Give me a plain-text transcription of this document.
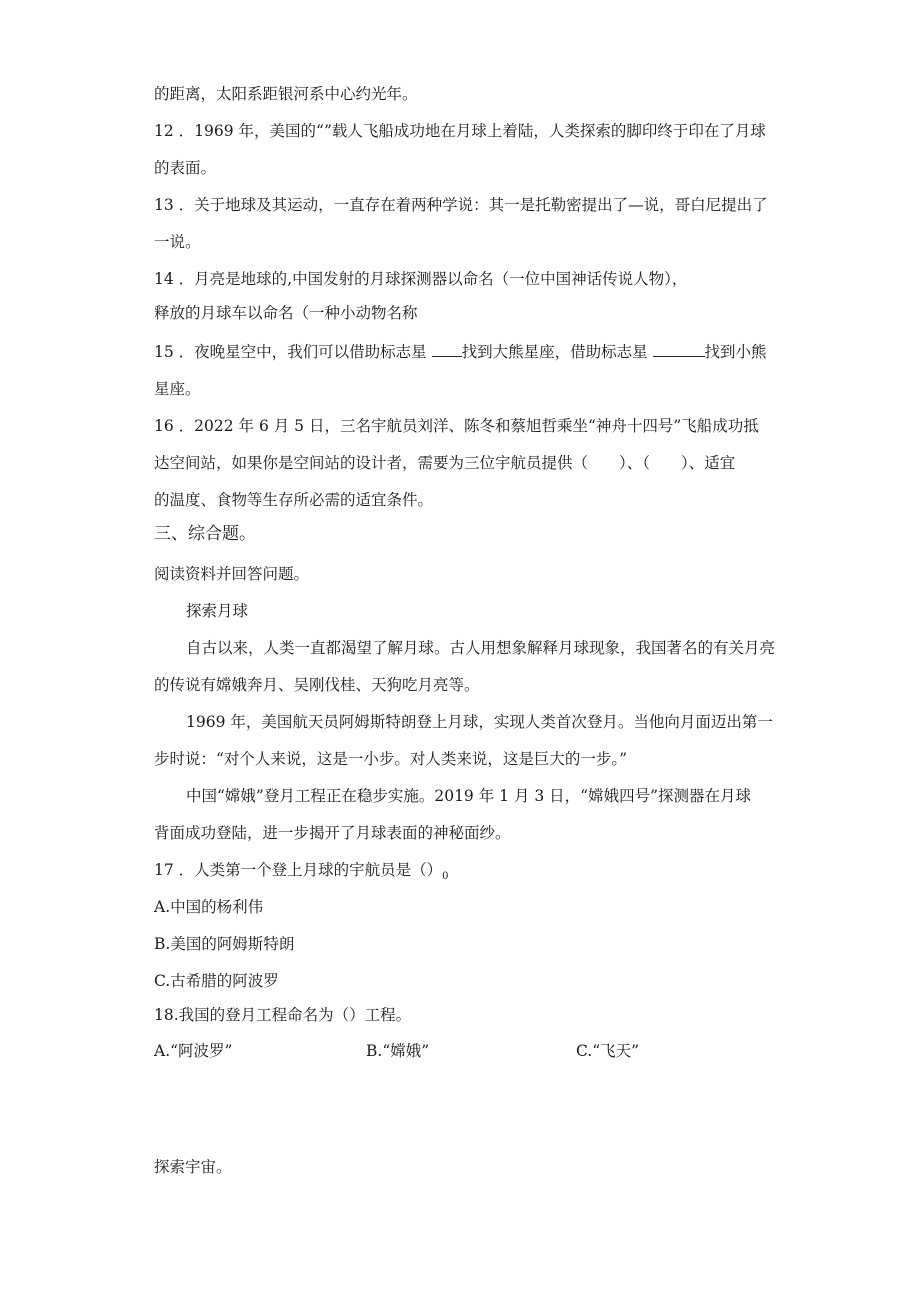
的距离，太阳系距银河系中心约光年。
12 ．1969 年，美国的“”载人飞船成功地在月球上着陆，人类探索的脚印终于印在了月球
的表面。
13 ．关于地球及其运动，一直存在着两种学说：其一是托勒密提出了—说，哥白尼提出了
一说。
14 ．月亮是地球的,中国发射的月球探测器以命名（一位中国神话传说人物），
释放的月球车以命名（一种小动物名称
15 ．夜晚星空中，我们可以借助标志星 找到大熊星座，借助标志星	找到小熊
星座。
16 ．2022 年 6 月 5 日，三名宇航员刘洋、陈冬和蔡旭哲乘坐“神舟十四号”飞船成功抵
达空间站，如果你是空间站的设计者，需要为三位宇航员提供（　　）、（　　）、适宜
的温度、食物等生存所必需的适宜条件。
三、综合题。
阅读资料并回答问题。
探索月球
自古以来，人类一直都渴望了解月球。古人用想象解释月球现象，我国著名的有关月亮
的传说有嫦娥奔月、吴刚伐桂、天狗吃月亮等。
1969 年，美国航天员阿姆斯特朗登上月球，实现人类首次登月。当他向月面迈出第一
步时说：“对个人来说，这是一小步。对人类来说，这是巨大的一步。”
中国“嫦娥”登月工程正在稳步实施。2019 年 1 月 3 日，“嫦娥四号”探测器在月球
背面成功登陆，进一步揭开了月球表面的神秘面纱。
17 ．人类第一个登上月球的宇航员是$()_0$
A.中国的杨利伟
B.美国的阿姆斯特朗
C.古希腊的阿波罗
18.我国的登月工程命名为（）工程。
A.“阿波罗”	B.“嫦娥”	C.“飞天”
探索宇宙。
